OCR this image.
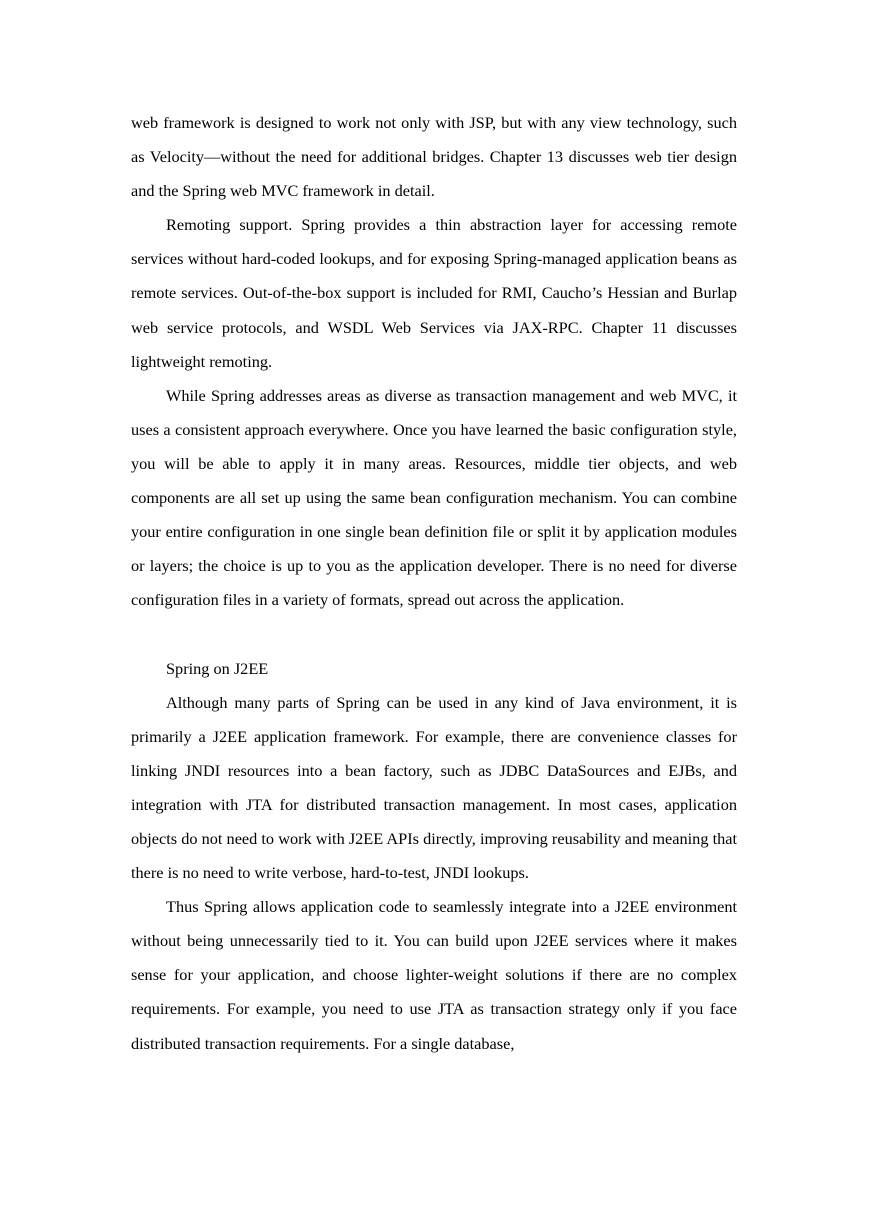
web framework is designed to work not only with JSP, but with any view technology, such as Velocity—without the need for additional bridges. Chapter 13 discusses web tier design and the Spring web MVC framework in detail.

Remoting support. Spring provides a thin abstraction layer for accessing remote services without hard-coded lookups, and for exposing Spring-managed application beans as remote services. Out-of-the-box support is included for RMI, Caucho’s Hessian and Burlap web service protocols, and WSDL Web Services via JAX-RPC. Chapter 11 discusses lightweight remoting.

While Spring addresses areas as diverse as transaction management and web MVC, it uses a consistent approach everywhere. Once you have learned the basic configuration style, you will be able to apply it in many areas. Resources, middle tier objects, and web components are all set up using the same bean configuration mechanism. You can combine your entire configuration in one single bean definition file or split it by application modules or layers; the choice is up to you as the application developer. There is no need for diverse configuration files in a variety of formats, spread out across the application.

Spring on J2EE

Although many parts of Spring can be used in any kind of Java environment, it is primarily a J2EE application framework. For example, there are convenience classes for linking JNDI resources into a bean factory, such as JDBC DataSources and EJBs, and integration with JTA for distributed transaction management. In most cases, application objects do not need to work with J2EE APIs directly, improving reusability and meaning that there is no need to write verbose, hard-to-test, JNDI lookups.

Thus Spring allows application code to seamlessly integrate into a J2EE environment without being unnecessarily tied to it. You can build upon J2EE services where it makes sense for your application, and choose lighter-weight solutions if there are no complex requirements. For example, you need to use JTA as transaction strategy only if you face distributed transaction requirements. For a single database,
